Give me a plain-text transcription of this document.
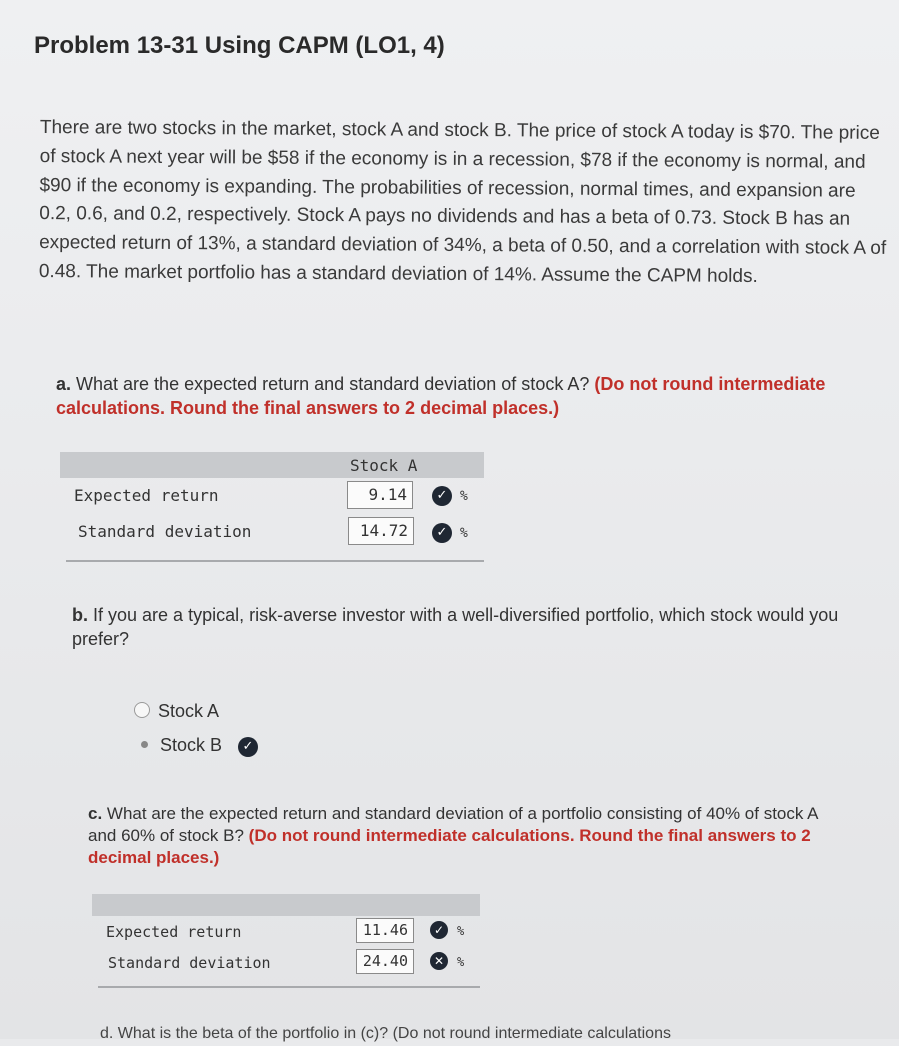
Problem 13-31 Using CAPM (LO1, 4)
There are two stocks in the market, stock A and stock B. The price of stock A today is $70. The price of stock A next year will be $58 if the economy is in a recession, $78 if the economy is normal, and $90 if the economy is expanding. The probabilities of recession, normal times, and expansion are 0.2, 0.6, and 0.2, respectively. Stock A pays no dividends and has a beta of 0.73. Stock B has an expected return of 13%, a standard deviation of 34%, a beta of 0.50, and a correlation with stock A of 0.48. The market portfolio has a standard deviation of 14%. Assume the CAPM holds.
a. What are the expected return and standard deviation of stock A? (Do not round intermediate calculations. Round the final answers to 2 decimal places.)
Stock A
Expected return	9.14	✓ %
Standard deviation	14.72	✓ %
b. If you are a typical, risk-averse investor with a well-diversified portfolio, which stock would you prefer?
Stock A
Stock B	✓
c. What are the expected return and standard deviation of a portfolio consisting of 40% of stock A and 60% of stock B? (Do not round intermediate calculations. Round the final answers to 2 decimal places.)
Expected return	11.46	✓	%
Standard deviation	24.40	✕	%
d. What is the beta of the portfolio in (c)? (Do not round intermediate calculations
